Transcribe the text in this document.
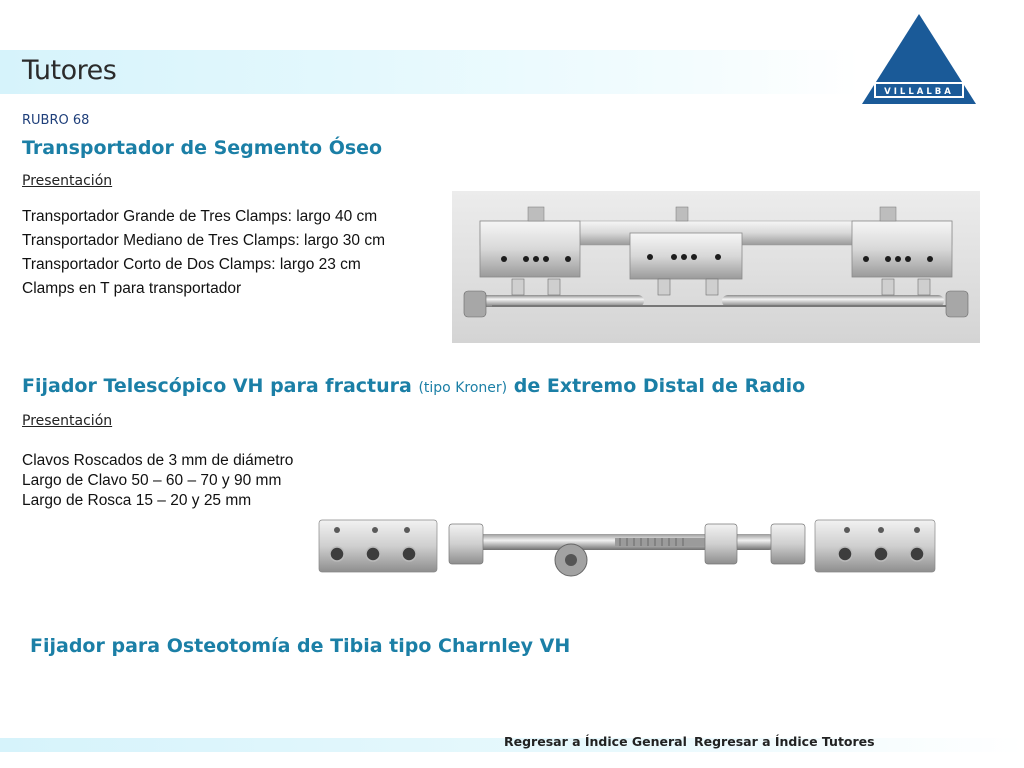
Tutores
VILLALBA
RUBRO 68
Transportador de Segmento Óseo
Presentación
Transportador Grande de Tres Clamps: largo 40 cm
Transportador Mediano de Tres Clamps: largo 30 cm
Transportador Corto de Dos Clamps: largo 23 cm
Clamps en T para transportador
Fijador Telescópico VH para fractura (tipo Kroner) de Extremo Distal de Radio
Presentación
Clavos Roscados de 3 mm de diámetro
Largo de Clavo 50 – 60 – 70 y 90 mm
Largo de Rosca 15 – 20 y 25 mm
Fijador para Osteotomía de Tibia tipo Charnley VH
Regresar a Índice General Regresar a Índice Tutores
